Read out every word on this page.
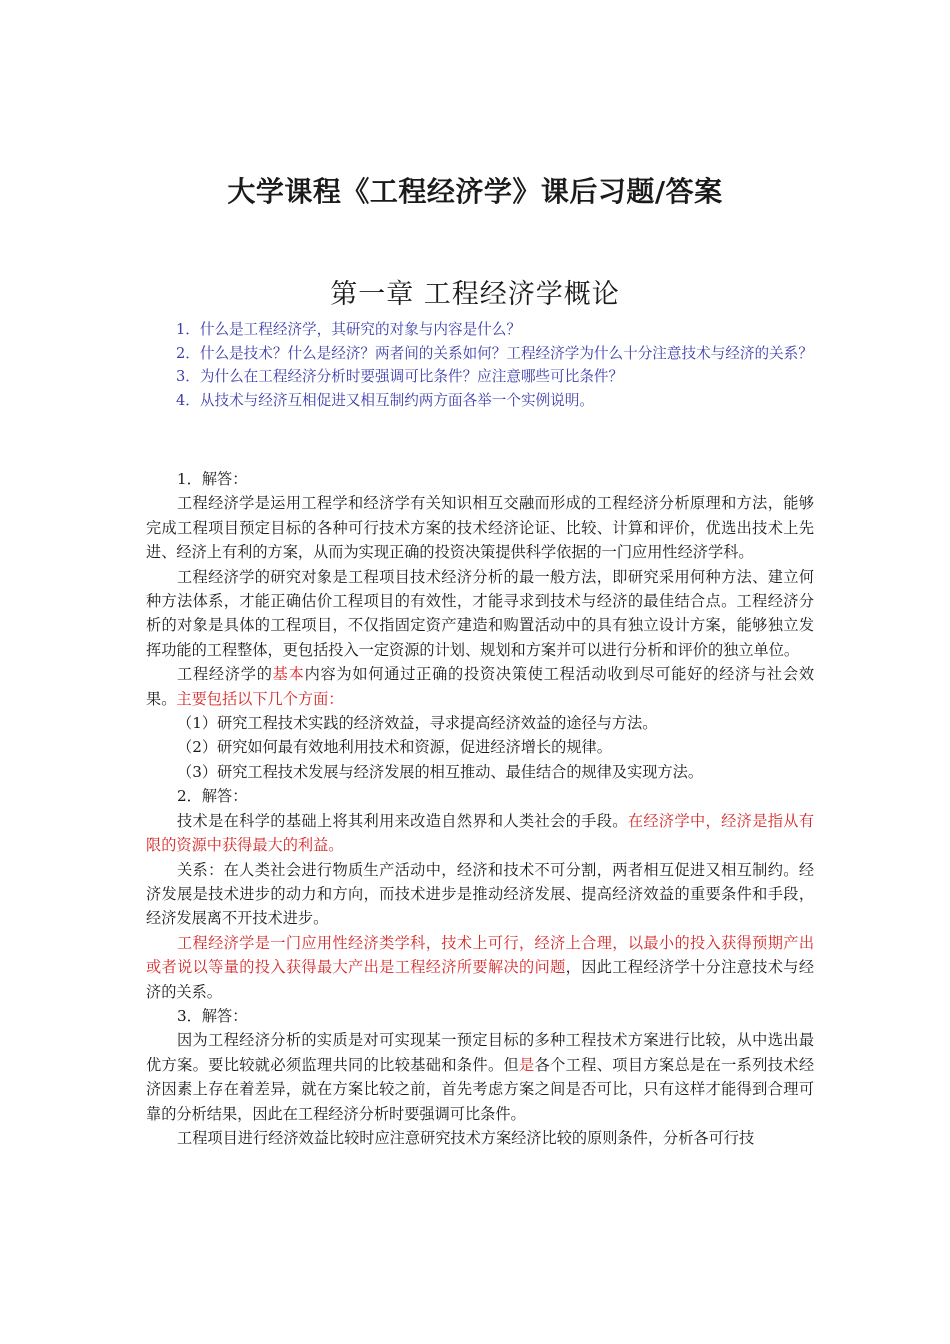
大学课程《工程经济学》课后习题/答案
第一章 工程经济学概论

1．什么是工程经济学，其研究的对象与内容是什么？

2．什么是技术？什么是经济？两者间的关系如何？工程经济学为什么十分注意技术与经济的关系？

3．为什么在工程经济分析时要强调可比条件？应注意哪些可比条件？

4．从技术与经济互相促进又相互制约两方面各举一个实例说明。

1．解答：

工程经济学是运用工程学和经济学有关知识相互交融而形成的工程经济分析原理和方法，能够完成工程项目预定目标的各种可行技术方案的技术经济论证、比较、计算和评价，优选出技术上先进、经济上有利的方案，从而为实现正确的投资决策提供科学依据的一门应用性经济学科。

工程经济学的研究对象是工程项目技术经济分析的最一般方法，即研究采用何种方法、建立何种方法体系，才能正确估价工程项目的有效性，才能寻求到技术与经济的最佳结合点。工程经济分析的对象是具体的工程项目，不仅指固定资产建造和购置活动中的具有独立设计方案，能够独立发挥功能的工程整体，更包括投入一定资源的计划、规划和方案并可以进行分析和评价的独立单位。

工程经济学的基本内容为如何通过正确的投资决策使工程活动收到尽可能好的经济与社会效果。主要包括以下几个方面：

（1）研究工程技术实践的经济效益，寻求提高经济效益的途径与方法。

（2）研究如何最有效地利用技术和资源，促进经济增长的规律。

（3）研究工程技术发展与经济发展的相互推动、最佳结合的规律及实现方法。

2．解答：

技术是在科学的基础上将其利用来改造自然界和人类社会的手段。在经济学中，经济是指从有限的资源中获得最大的利益。

关系：在人类社会进行物质生产活动中，经济和技术不可分割，两者相互促进又相互制约。经济发展是技术进步的动力和方向，而技术进步是推动经济发展、提高经济效益的重要条件和手段，经济发展离不开技术进步。

工程经济学是一门应用性经济类学科，技术上可行，经济上合理，以最小的投入获得预期产出或者说以等量的投入获得最大产出是工程经济所要解决的问题，因此工程经济学十分注意技术与经济的关系。

3．解答：

因为工程经济分析的实质是对可实现某一预定目标的多种工程技术方案进行比较，从中选出最优方案。要比较就必须监理共同的比较基础和条件。但是各个工程、项目方案总是在一系列技术经济因素上存在着差异，就在方案比较之前，首先考虑方案之间是否可比，只有这样才能得到合理可靠的分析结果，因此在工程经济分析时要强调可比条件。

工程项目进行经济效益比较时应注意研究技术方案经济比较的原则条件，分析各可行技
